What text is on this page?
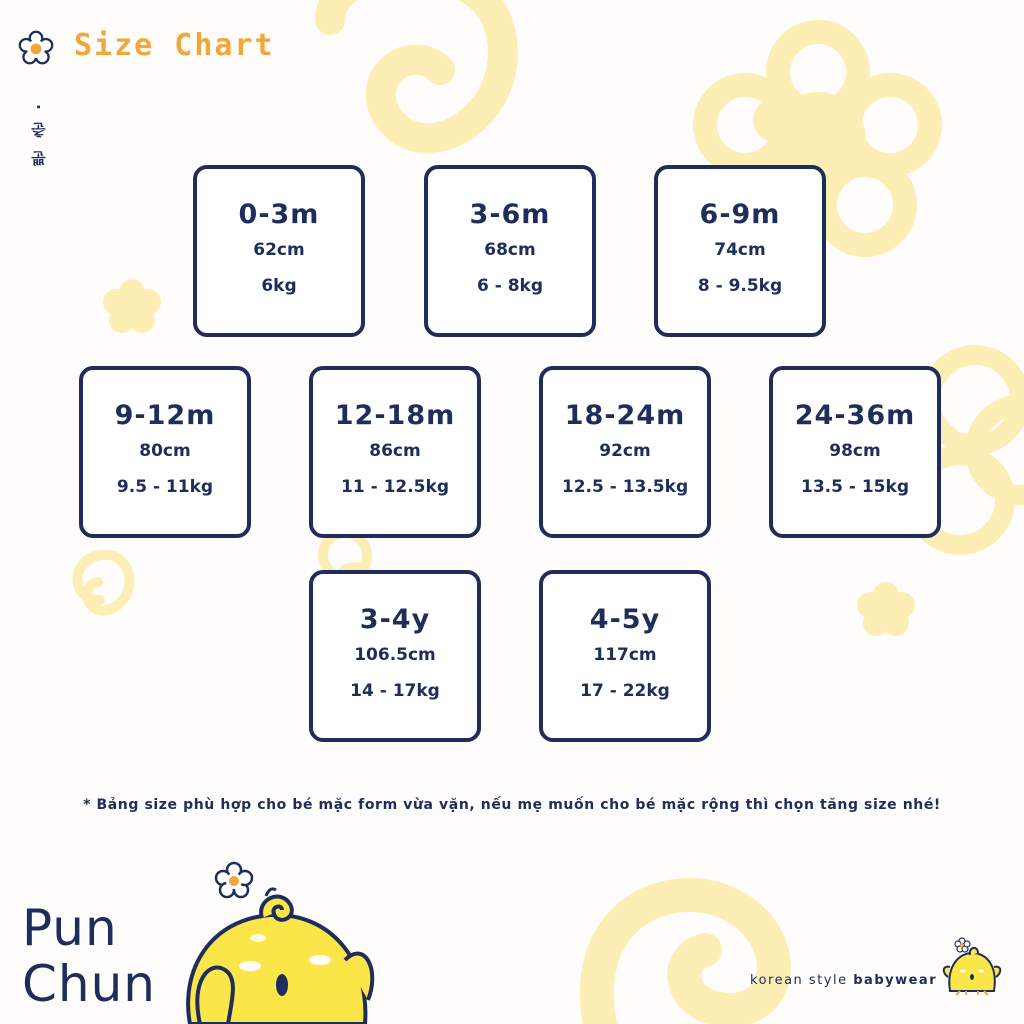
Size Chart
뿐 춘 ·
0-3m
62cm
6kg
3-6m
68cm
6 - 8kg
6-9m
74cm
8 - 9.5kg
9-12m
80cm
9.5 - 11kg
12-18m
86cm
11 - 12.5kg
18-24m
92cm
12.5 - 13.5kg
24-36m
98cm
13.5 - 15kg
3-4y
106.5cm
14 - 17kg
4-5y
117cm
17 - 22kg
* Bảng size phù hợp cho bé mặc form vừa vặn, nếu mẹ muốn cho bé mặc rộng thì chọn tăng size nhé!
Pun
Chun	korean style babywear
